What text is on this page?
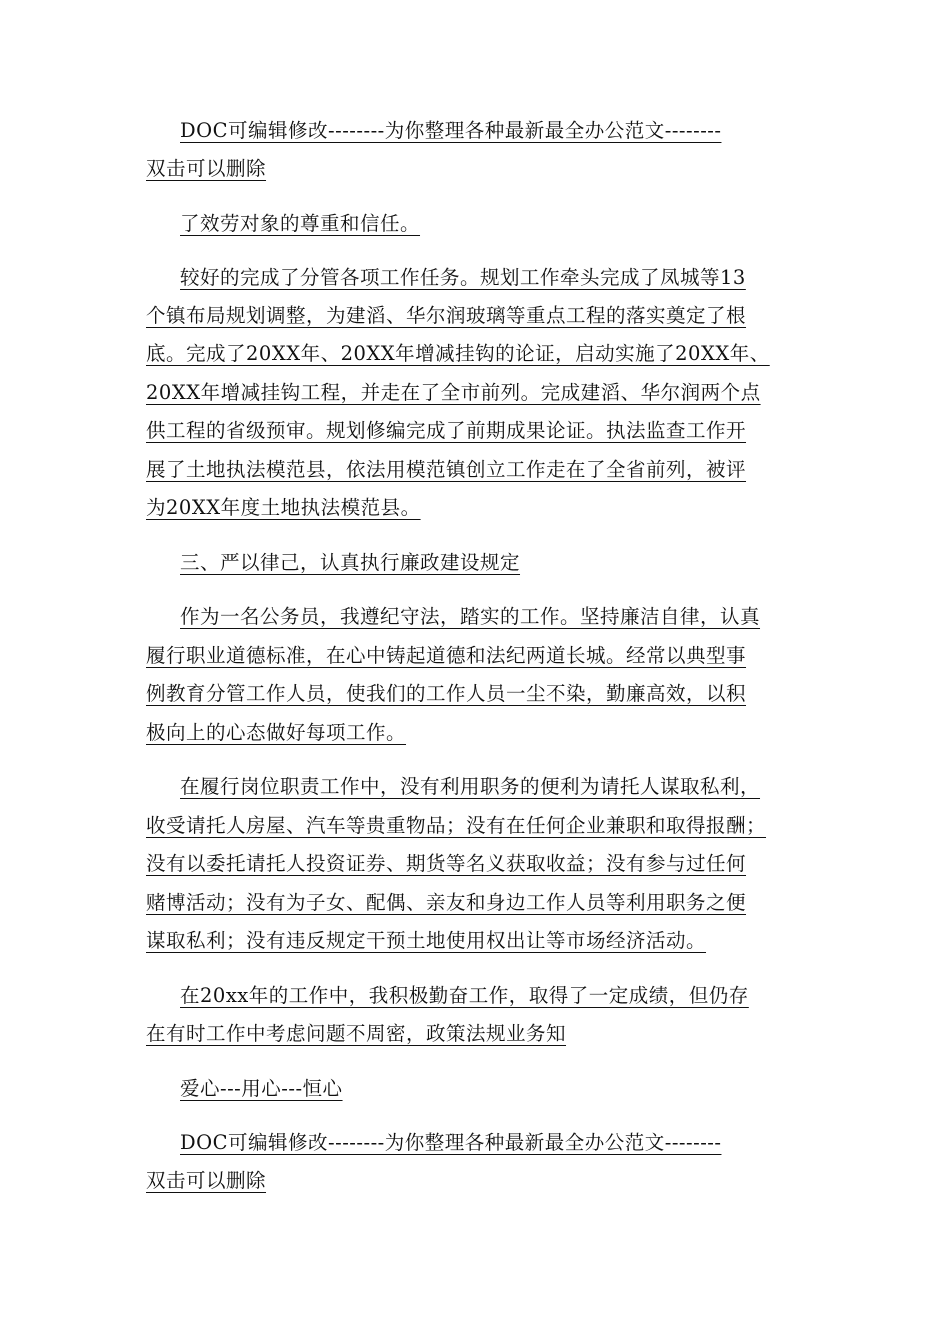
DOC可编辑修改--------为你整理各种最新最全办公范文--------

双击可以删除

了效劳对象的尊重和信任。

较好的完成了分管各项工作任务。规划工作牵头完成了凤城等13

个镇布局规划调整，为建滔、华尔润玻璃等重点工程的落实奠定了根

底。完成了20XX年、20XX年增减挂钩的论证，启动实施了20XX年、

20XX年增减挂钩工程，并走在了全市前列。完成建滔、华尔润两个点

供工程的省级预审。规划修编完成了前期成果论证。执法监查工作开

展了土地执法模范县，依法用模范镇创立工作走在了全省前列，被评

为20XX年度土地执法模范县。

三、严以律己，认真执行廉政建设规定

作为一名公务员，我遵纪守法，踏实的工作。坚持廉洁自律，认真

履行职业道德标准，在心中铸起道德和法纪两道长城。经常以典型事

例教育分管工作人员，使我们的工作人员一尘不染，勤廉高效，以积

极向上的心态做好每项工作。

在履行岗位职责工作中，没有利用职务的便利为请托人谋取私利，

收受请托人房屋、汽车等贵重物品；没有在任何企业兼职和取得报酬；

没有以委托请托人投资证券、期货等名义获取收益；没有参与过任何

赌博活动；没有为子女、配偶、亲友和身边工作人员等利用职务之便

谋取私利；没有违反规定干预土地使用权出让等市场经济活动。

在20xx年的工作中，我积极勤奋工作，取得了一定成绩，但仍存

在有时工作中考虑问题不周密，政策法规业务知

爱心---用心---恒心

DOC可编辑修改--------为你整理各种最新最全办公范文--------

双击可以删除
